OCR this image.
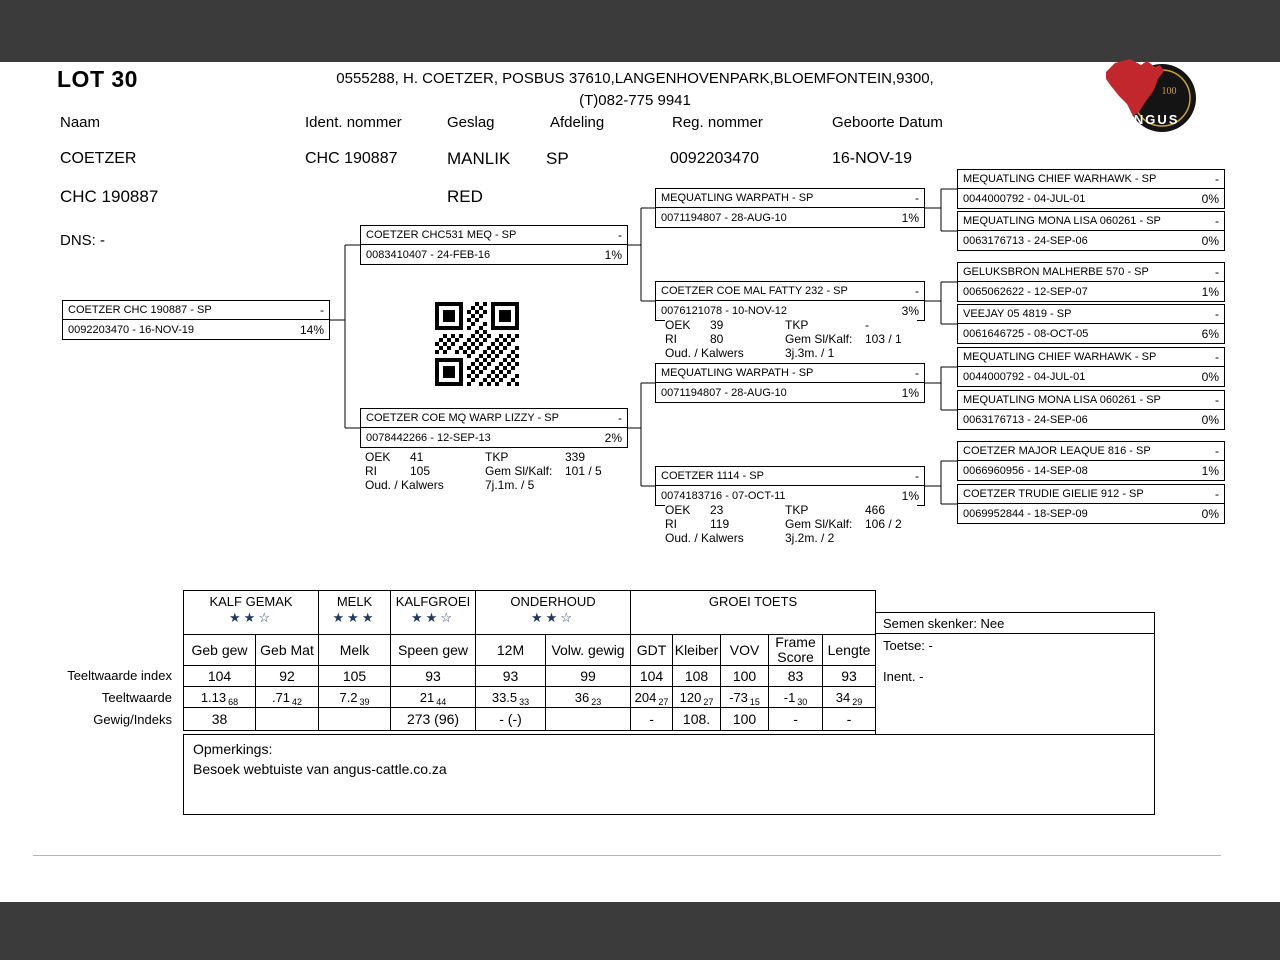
LOT 30	0555288, H. COETZER, POSBUS 37610,LANGENHOVENPARK,BLOEMFONTEIN,9300,
(T)082-775 9941
100
ANGUS
Naam	Ident. nommer	Geslag	Afdeling	Reg. nommer	Geboorte Datum
COETZER	CHC 190887	MANLIK SP	0092203470	16-NOV-19
CHC 190887	RED
DNS: -
COETZER CHC 190887 - SP	-
0092203470 - 16-NOV-19	14%
COETZER CHC531 MEQ - SP	-
0083410407 - 24-FEB-16	1%
COETZER COE MQ WARP LIZZY - SP	-
0078442266 - 12-SEP-13	2%
MEQUATLING WARPATH - SP	-
0071194807 - 28-AUG-10	1%
COETZER COE MAL FATTY 232 - SP	-
0076121078 - 10-NOV-12	3%
MEQUATLING WARPATH - SP	-
0071194807 - 28-AUG-10	1%
COETZER 1114 - SP	-
0074183716 - 07-OCT-11	1%
MEQUATLING CHIEF WARHAWK - SP	-
0044000792 - 04-JUL-01	0%
MEQUATLING MONA LISA 060261 - SP	-
0063176713 - 24-SEP-06	0%
GELUKSBRON MALHERBE 570 - SP	-
0065062622 - 12-SEP-07	1%
VEEJAY 05 4819 - SP	-
0061646725 - 08-OCT-05	6%
MEQUATLING CHIEF WARHAWK - SP	-
0044000792 - 04-JUL-01	0%
MEQUATLING MONA LISA 060261 - SP	-
0063176713 - 24-SEP-06	0%
COETZER MAJOR LEAQUE 816 - SP	-
0066960956 - 14-SEP-08	1%
COETZER TRUDIE GIELIE 912 - SP	-
0069952844 - 18-SEP-09	0%
OEK	41	TKP	339
RI	105	Gem Sl/Kalf:	101 / 5
Oud. / Kalwers	7j.1m. / 5
OEK	39	TKP	-
RI	80	Gem Sl/Kalf:	103 / 1
Oud. / Kalwers	3j.3m. / 1
OEK	23	TKP	466
RI	119	Gem Sl/Kalf:	106 / 2
Oud. / Kalwers	3j.2m. / 2
Teeltwaarde index
Teeltwaarde
Gewig/Indeks
KALF GEMAK
★★☆

MELK
★★★

KALFGROEI
★★☆

ONDERHOUD
★★☆

GROEI TOETS

Geb gew	Geb Mat	Melk	Speen gew	12M	Volw. gewig	GDT	Kleiber	VOV	Frame Score	Lengte
104	92	105	93	93	99	104	108	100	83	93
1.13 $_{68}$	.71 $_{42}$	7.2 $_{39}$	21 $_{44}$	33.5 $_{33}$	36 $_{23}$	204 $_{27}$	120 $_{27}$	-73 $_{15}$	-1 $_{30}$	34 $_{29}$
38			273 (96)	- (-)		-	108.	100	-	-
Semen skenker: Nee
Toetse: -
Inent. -
Opmerkings:
Besoek webtuiste van angus-cattle.co.za
